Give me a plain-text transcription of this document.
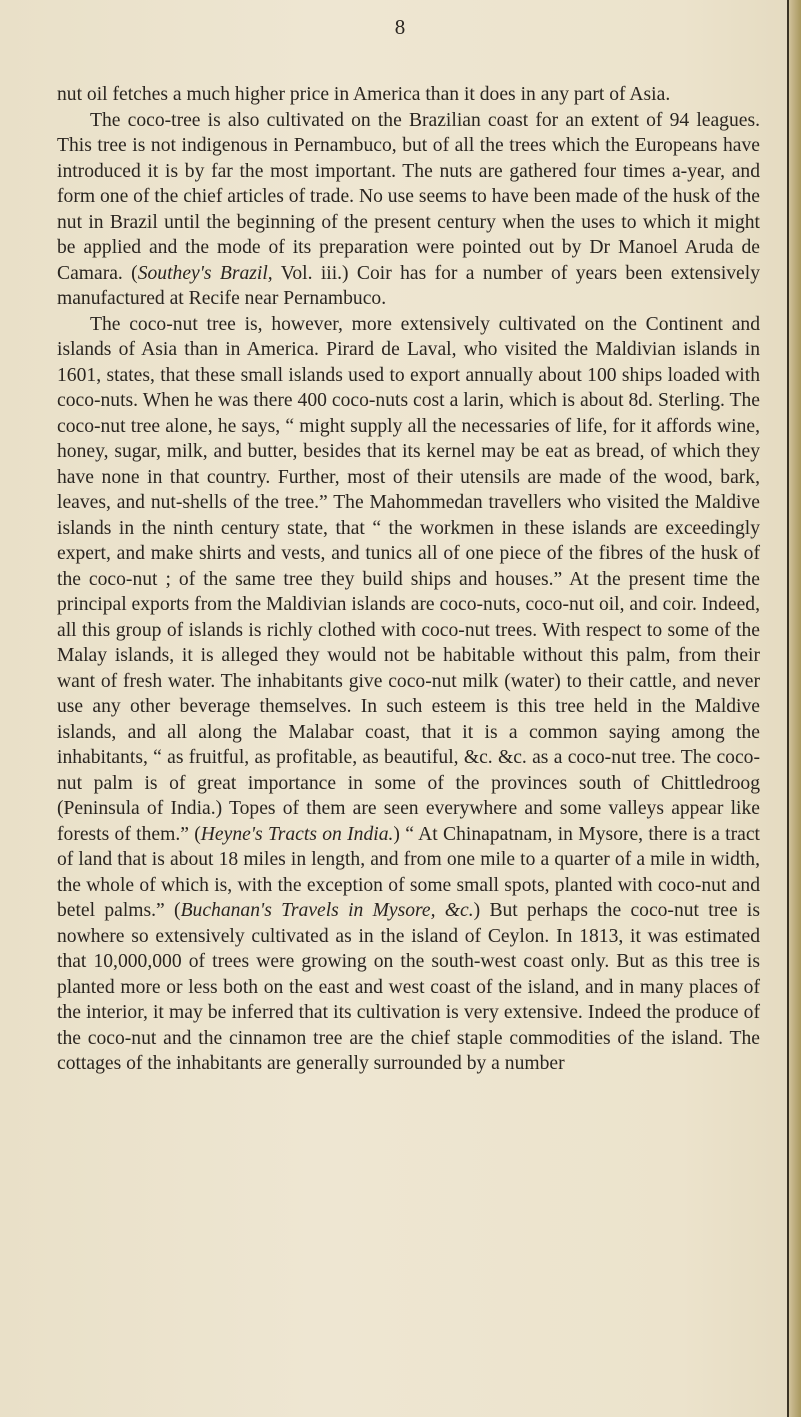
8

nut oil fetches a much higher price in America than it does in any part of Asia.

The coco-tree is also cultivated on the Brazilian coast for an extent of 94 leagues. This tree is not indigenous in Pernambuco, but of all the trees which the Europeans have introduced it is by far the most important. The nuts are gathered four times a-year, and form one of the chief articles of trade. No use seems to have been made of the husk of the nut in Brazil until the beginning of the present century when the uses to which it might be applied and the mode of its preparation were pointed out by Dr Manoel Aruda de Camara. (Southey's Brazil, Vol. iii.) Coir has for a number of years been extensively manufactured at Recife near Pernambuco.

The coco-nut tree is, however, more extensively cultivated on the Continent and islands of Asia than in America. Pirard de Laval, who visited the Maldivian islands in 1601, states, that these small islands used to export annually about 100 ships loaded with coco-nuts. When he was there 400 coco-nuts cost a larin, which is about 8d. Sterling. The coco-nut tree alone, he says, “ might supply all the necessaries of life, for it affords wine, honey, sugar, milk, and butter, besides that its kernel may be eat as bread, of which they have none in that country. Further, most of their utensils are made of the wood, bark, leaves, and nut-shells of the tree.” The Mahommedan travellers who visited the Maldive islands in the ninth century state, that “ the workmen in these islands are exceedingly expert, and make shirts and vests, and tunics all of one piece of the fibres of the husk of the coco-nut ; of the same tree they build ships and houses.” At the present time the principal exports from the Maldivian islands are coco-nuts, coco-nut oil, and coir. Indeed, all this group of islands is richly clothed with coco-nut trees. With respect to some of the Malay islands, it is alleged they would not be habitable without this palm, from their want of fresh water. The inhabitants give coco-nut milk (water) to their cattle, and never use any other beverage themselves. In such esteem is this tree held in the Maldive islands, and all along the Malabar coast, that it is a common saying among the inhabitants, “ as fruitful, as profitable, as beautiful, &c. &c. as a coco-nut tree. The coco-nut palm is of great importance in some of the provinces south of Chittledroog (Peninsula of India.) Topes of them are seen everywhere and some valleys appear like forests of them.” (Heyne's Tracts on India.) “ At Chinapatnam, in Mysore, there is a tract of land that is about 18 miles in length, and from one mile to a quarter of a mile in width, the whole of which is, with the exception of some small spots, planted with coco-nut and betel palms.” (Buchanan's Travels in Mysore, &c.) But perhaps the coco-nut tree is nowhere so extensively cultivated as in the island of Ceylon. In 1813, it was estimated that 10,000,000 of trees were growing on the south-west coast only. But as this tree is planted more or less both on the east and west coast of the island, and in many places of the interior, it may be inferred that its cultivation is very extensive. Indeed the produce of the coco-nut and the cinnamon tree are the chief staple commodities of the island. The cottages of the inhabitants are generally surrounded by a number
